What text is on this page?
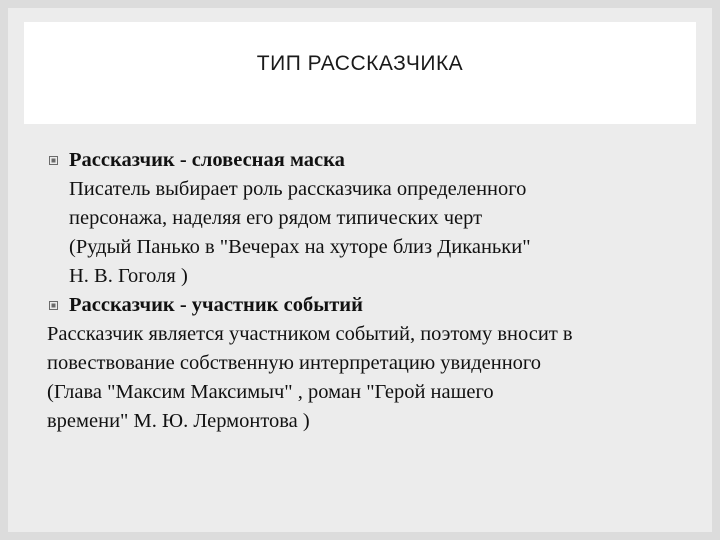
ТИП РАССКАЗЧИКА
Рассказчик - словесная маска
Писатель выбирает роль рассказчика определенного
персонажа, наделяя его рядом типических черт
(Рудый Панько в "Вечерах на хуторе близ Диканьки"
Н. В. Гоголя )
Рассказчик - участник событий
Рассказчик является участником событий, поэтому вносит в
повествование собственную интерпретацию увиденного
(Глава "Максим Максимыч" , роман "Герой нашего
времени" М. Ю. Лермонтова )
